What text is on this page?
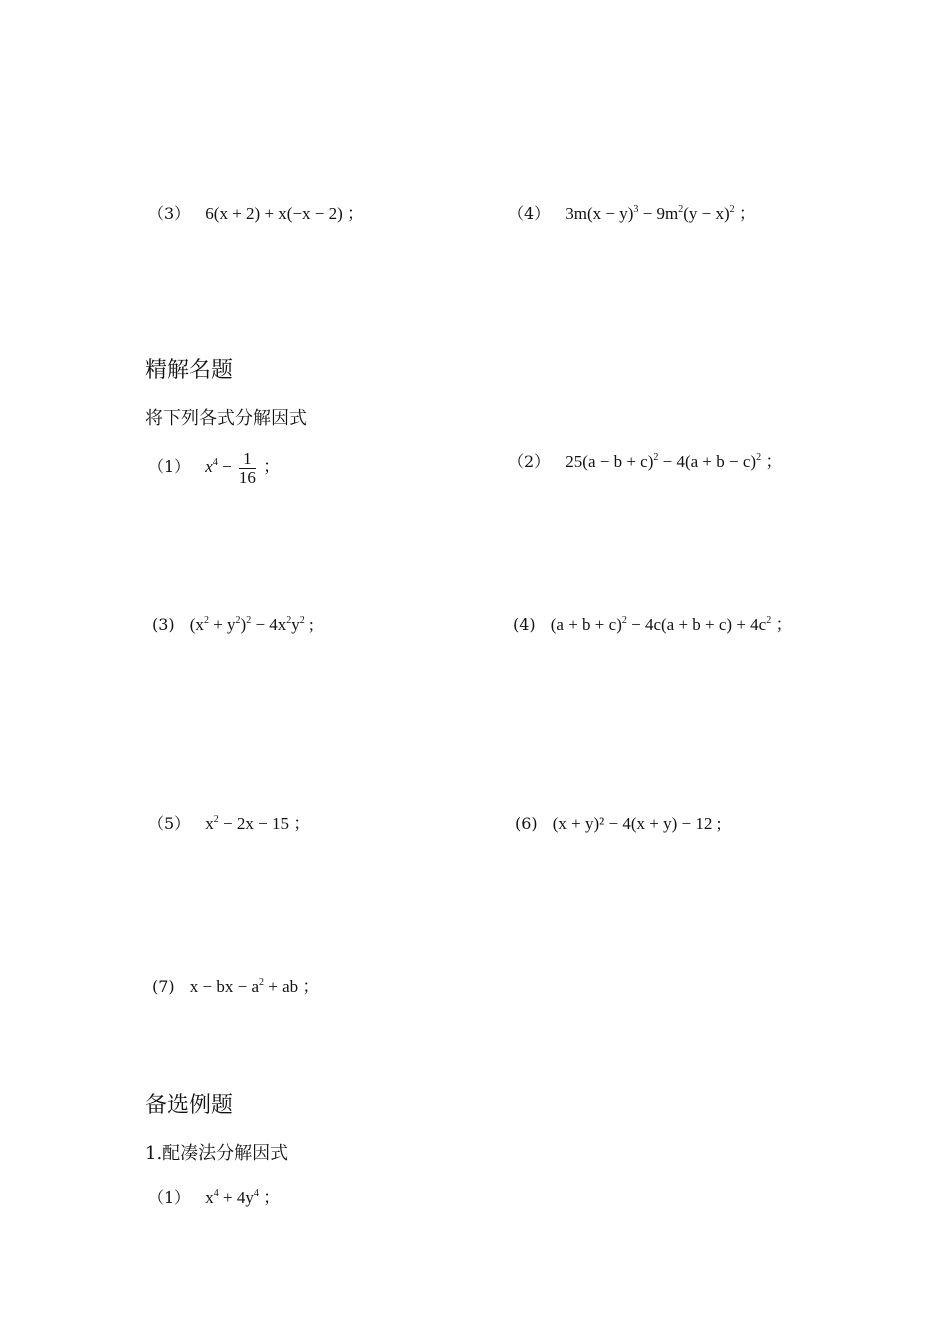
（3） 6(x + 2) + x(−x − 2) ；	（4） $3m(x - y)^3 - 9m^2(y - x)^2$ ；
精解名题
将下列各式分解因式
（1） $x^4 - \frac{1}{16}$ ；	（2） $25(a - b + c)^2 - 4(a + b - c)^2$ ；
(3) $(x^2 + y^2)^2 - 4x^2y^2$ ;	(4) $(a + b + c)^2 - 4c(a + b + c) + 4c^2$ ；
（5） $x^2 - 2x - 15$ ；	(6) (x + y)² − 4(x + y) − 12 ;
(7) x − bx − $a^2$ + ab ；
备选例题
1.配凑法分解因式
（1） $x^4 + 4y^4$ ；
